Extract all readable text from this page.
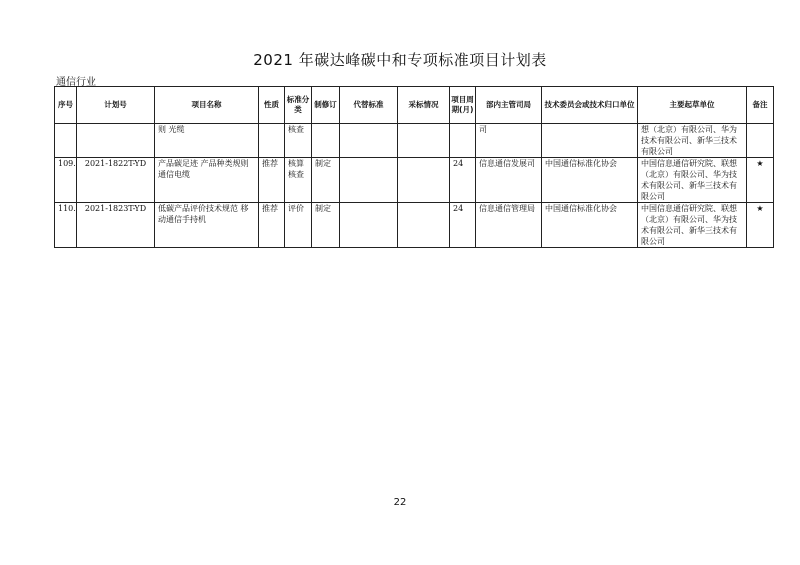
2021 年碳达峰碳中和专项标准项目计划表
通信行业
序号	计划号	项目名称	性质	标准分类	制修订	代替标准	采标情况	项目周期(月)	部内主管司局	技术委员会或技术归口单位	主要起草单位	备注
		则 光缆		核查					司		想（北京）有限公司、华为技术有限公司、新华三技术有限公司	
109.	2021-1822T-YD	产品碳足迹 产品种类规则 通信电缆	推荐	核算核查	制定			24	信息通信发展司	中国通信标准化协会	中国信息通信研究院、联想（北京）有限公司、华为技术有限公司、新华三技术有限公司	★
110.	2021-1823T-YD	低碳产品评价技术规范 移动通信手持机	推荐	评价	制定			24	信息通信管理局	中国通信标准化协会	中国信息通信研究院、联想（北京）有限公司、华为技术有限公司、新华三技术有限公司	★
22
